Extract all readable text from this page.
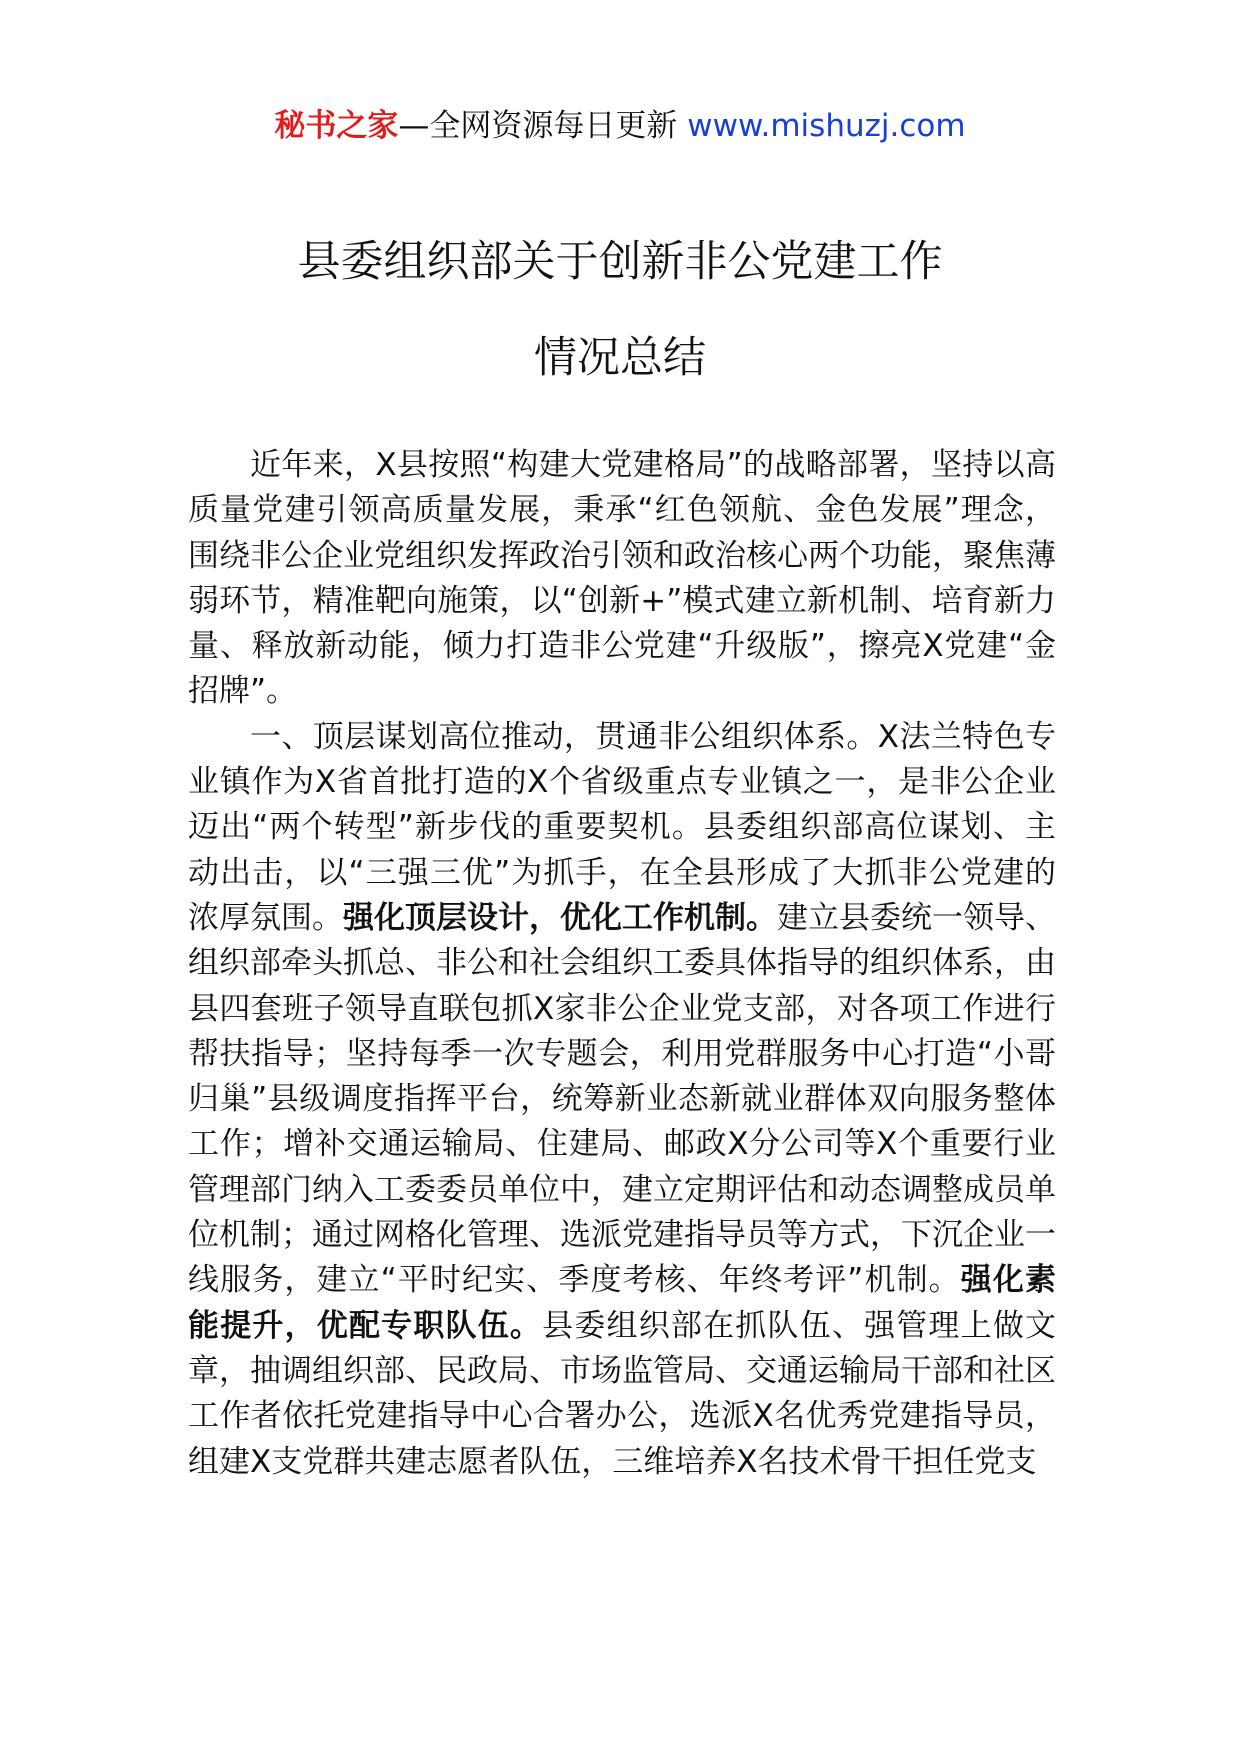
秘书之家—全网资源每日更新 www.mishuzj.com
县委组织部关于创新非公党建工作
情况总结

近年来，X县按照“构建大党建格局”的战略部署，坚持以高质量党建引领高质量发展，秉承“红色领航、金色发展”理念，围绕非公企业党组织发挥政治引领和政治核心两个功能，聚焦薄弱环节，精准靶向施策，以“创新+”模式建立新机制、培育新力量、释放新动能，倾力打造非公党建“升级版”，擦亮X党建“金招牌”。

一、顶层谋划高位推动，贯通非公组织体系。X法兰特色专业镇作为X省首批打造的X个省级重点专业镇之一，是非公企业迈出“两个转型”新步伐的重要契机。县委组织部高位谋划、主动出击，以“三强三优”为抓手，在全县形成了大抓非公党建的浓厚氛围。强化顶层设计，优化工作机制。建立县委统一领导、组织部牵头抓总、非公和社会组织工委具体指导的组织体系，由县四套班子领导直联包抓X家非公企业党支部，对各项工作进行帮扶指导；坚持每季一次专题会，利用党群服务中心打造“小哥归巢”县级调度指挥平台，统筹新业态新就业群体双向服务整体工作；增补交通运输局、住建局、邮政X分公司等X个重要行业管理部门纳入工委委员单位中，建立定期评估和动态调整成员单位机制；通过网格化管理、选派党建指导员等方式，下沉企业一线服务，建立“平时纪实、季度考核、年终考评”机制。强化素能提升，优配专职队伍。县委组织部在抓队伍、强管理上做文章，抽调组织部、民政局、市场监管局、交通运输局干部和社区工作者依托党建指导中心合署办公，选派X名优秀党建指导员，组建X支党群共建志愿者队伍，三维培养X名技术骨干担任党支
